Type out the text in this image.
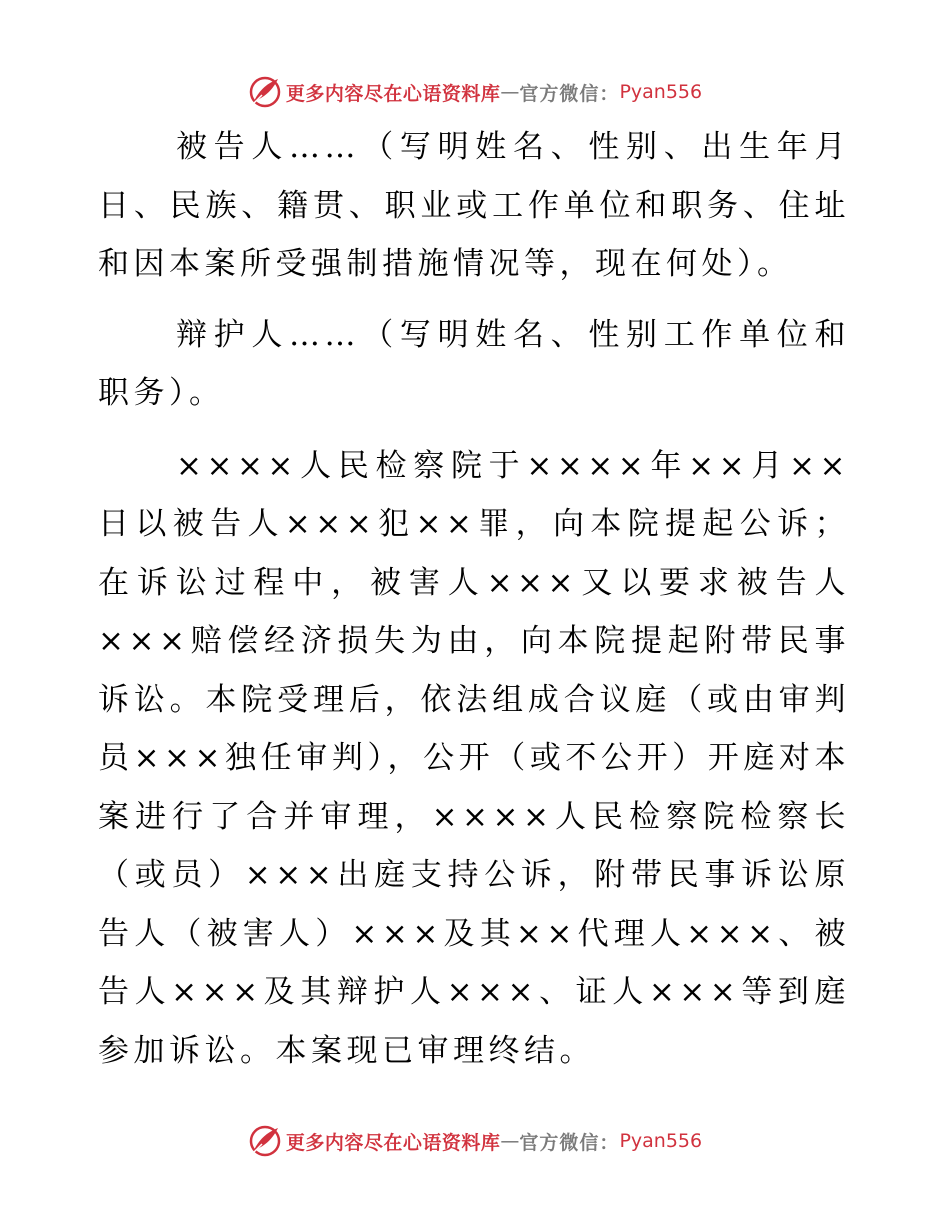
更多内容尽在心语资料库 — 官方微信： Pyan556

被告人……（写明姓名、性别、出生年月日、民族、籍贯、职业或工作单位和职务、住址和因本案所受强制措施情况等，现在何处）。

辩护人……（写明姓名、性别工作单位和职务）。

××××人民检察院于××××年××月××日以被告人×××犯××罪，向本院提起公诉；在诉讼过程中，被害人×××又以要求被告人×××赔偿经济损失为由，向本院提起附带民事诉讼。本院受理后，依法组成合议庭（或由审判员×××独任审判），公开（或不公开）开庭对本案进行了合并审理，××××人民检察院检察长（或员）×××出庭支持公诉，附带民事诉讼原告人（被害人）×××及其××代理人×××、被告人×××及其辩护人×××、证人×××等到庭参加诉讼。本案现已审理终结。

更多内容尽在心语资料库 — 官方微信： Pyan556
